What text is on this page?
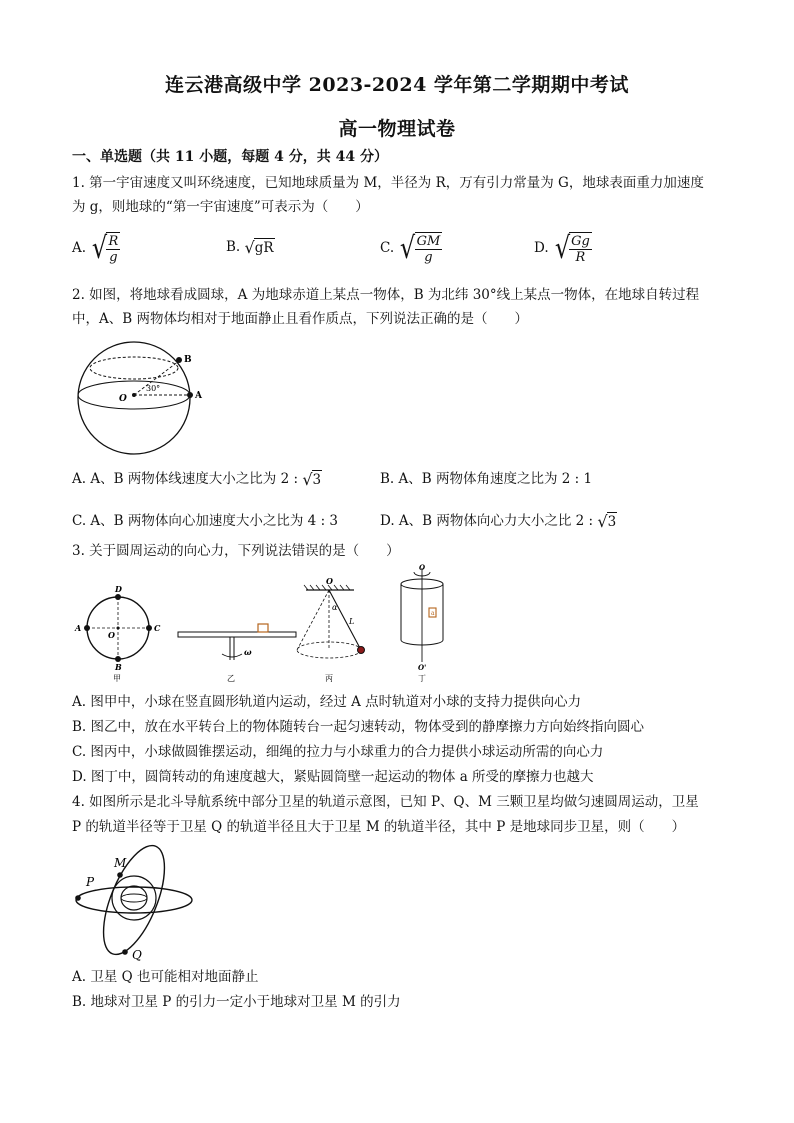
连云港高级中学 2023-2024 学年第二学期期中考试
高一物理试卷
一、单选题（共 11 小题，每题 4 分，共 44 分）
1. 第一宇宙速度又叫环绕速度，已知地球质量为 M，半径为 R，万有引力常量为 G，地球表面重力加速度
为 g，则地球的“第一宇宙速度”可表示为（　　）
A. √
$\frac{R}{g}$	B. √ gR	C. √
$\frac{GM}{g}$	D. √
$\frac{Gg}{R}$
2. 如图，将地球看成圆球，A 为地球赤道上某点一物体，B 为北纬 30°线上某点一物体，在地球自转过程
中，A、B 两物体均相对于地面静止且看作质点，下列说法正确的是（　　）
B
A
O
30°
A. A、B 两物体线速度大小之比为 2 : √ 3	B. A、B 两物体角速度之比为 2 : 1
C. A、B 两物体向心加速度大小之比为 4 : 3	D. A、B 两物体向心力大小之比 2 : √ 3
3. 关于圆周运动的向心力，下列说法错误的是（　　）
D
A
O
C
B
甲
ω
乙
O
α
L
丙
a
O
O'
丁
A. 图甲中，小球在竖直圆形轨道内运动，经过 A 点时轨道对小球的支持力提供向心力
B. 图乙中，放在水平转台上的物体随转台一起匀速转动，物体受到的静摩擦力方向始终指向圆心
C. 图丙中，小球做圆锥摆运动，细绳的拉力与小球重力的合力提供小球运动所需的向心力
D. 图丁中，圆筒转动的角速度越大，紧贴圆筒壁一起运动的物体 a 所受的摩擦力也越大
4. 如图所示是北斗导航系统中部分卫星的轨道示意图，已知 P、Q、M 三颗卫星均做匀速圆周运动，卫星
P 的轨道半径等于卫星 Q 的轨道半径且大于卫星 M 的轨道半径，其中 P 是地球同步卫星，则（　　）
M
P
Q
A. 卫星 Q 也可能相对地面静止
B. 地球对卫星 P 的引力一定小于地球对卫星 M 的引力
